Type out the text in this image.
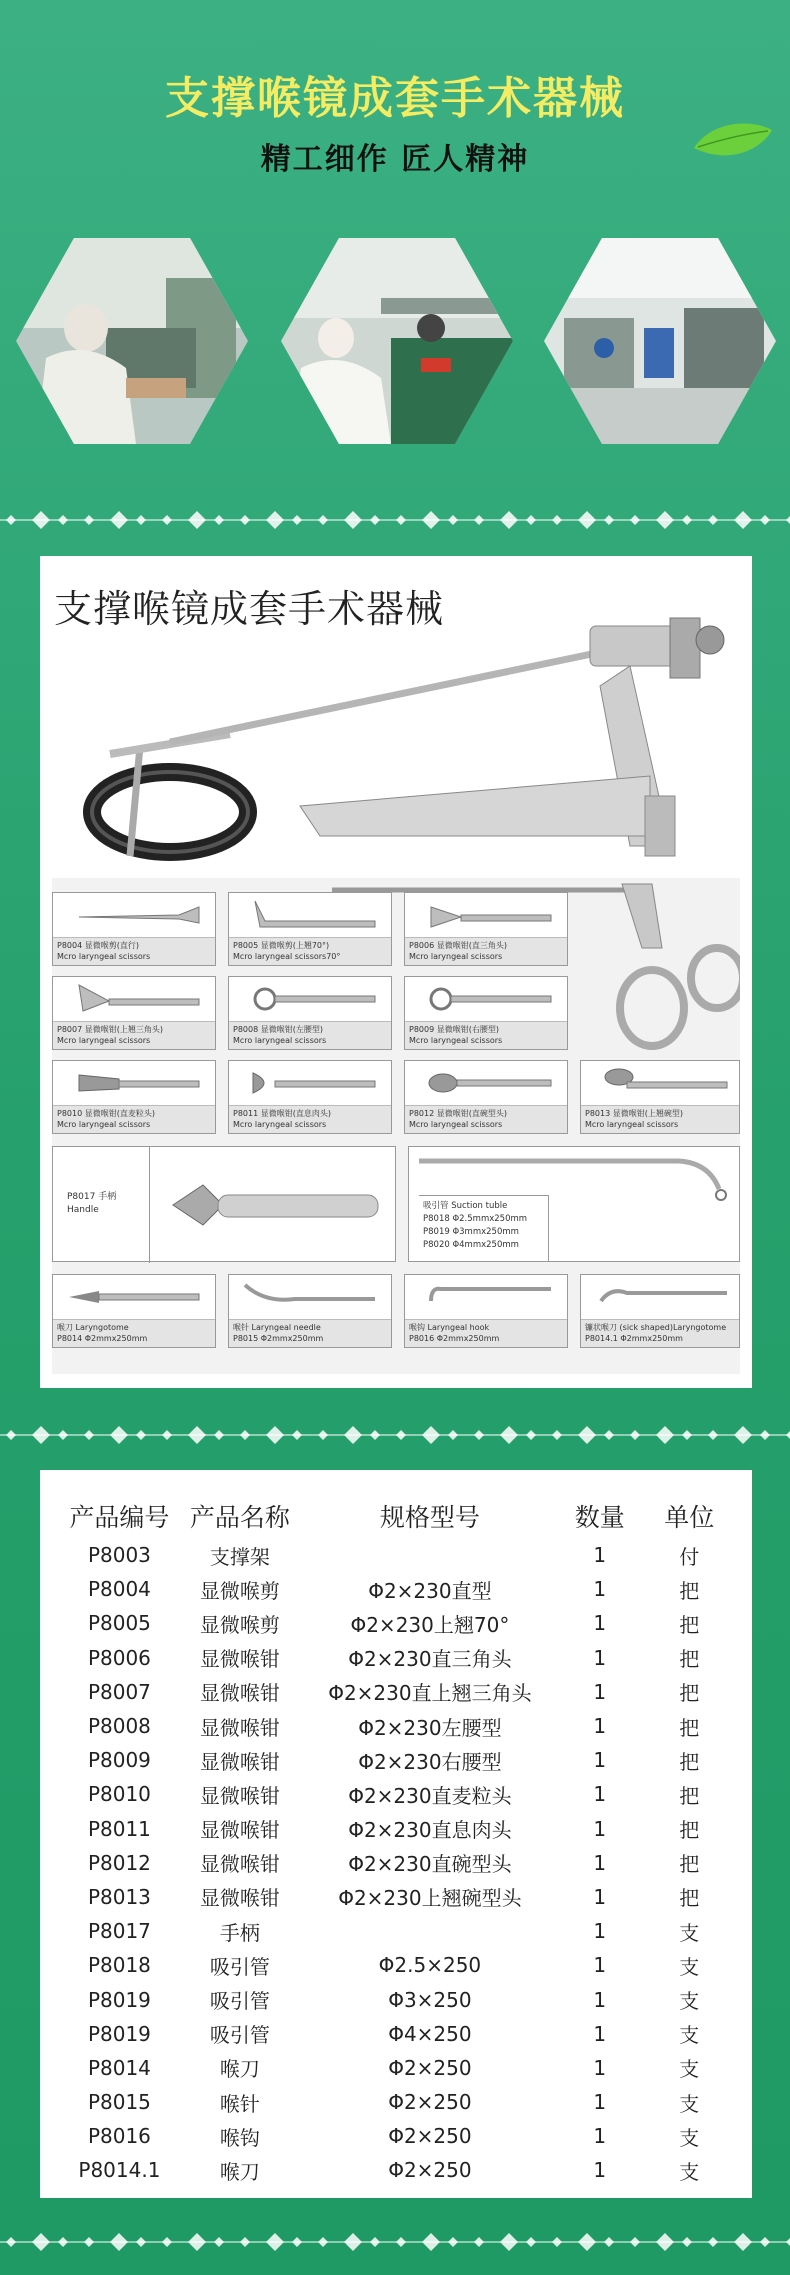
支撑喉镜成套手术器械
精工细作 匠人精神
支撑喉镜成套手术器械
P8004 显微喉剪(直行)
Mcro laryngeal scissors
P8005 显微喉剪(上翘70°)
Mcro laryngeal scissors70°
P8006 显微喉钳(直三角头)
Mcro laryngeal scissors
P8007 显微喉钳(上翘三角头)
Mcro laryngeal scissors
P8008 显微喉钳(左腰型)
Mcro laryngeal scissors
P8009 显微喉钳(右腰型)
Mcro laryngeal scissors
P8010 显微喉钳(直麦粒头)
Mcro laryngeal scissors
P8011 显微喉钳(直息肉头)
Mcro laryngeal scissors
P8012 显微喉钳(直碗型头)
Mcro laryngeal scissors
P8013 显微喉钳(上翘碗型)
Mcro laryngeal scissors
P8017 手柄
Handle	吸引管 Suction tuble
P8018 Φ2.5mmx250mm
P8019 Φ3mmx250mm
P8020 Φ4mmx250mm
喉刀 Laryngotome
P8014 Φ2mmx250mm
喉针 Laryngeal needle
P8015 Φ2mmx250mm
喉钩 Laryngeal hook
P8016 Φ2mmx250mm
镰状喉刀 (sick shaped)Laryngotome
P8014.1 Φ2mmx250mm
产品编号	产品名称	规格型号	数量	单位
P8003	支撑架		1	付
P8004	显微喉剪	Φ2×230直型	1	把
P8005	显微喉剪	Φ2×230上翘70°	1	把
P8006	显微喉钳	Φ2×230直三角头	1	把
P8007	显微喉钳	Φ2×230直上翘三角头	1	把
P8008	显微喉钳	Φ2×230左腰型	1	把
P8009	显微喉钳	Φ2×230右腰型	1	把
P8010	显微喉钳	Φ2×230直麦粒头	1	把
P8011	显微喉钳	Φ2×230直息肉头	1	把
P8012	显微喉钳	Φ2×230直碗型头	1	把
P8013	显微喉钳	Φ2×230上翘碗型头	1	把
P8017	手柄		1	支
P8018	吸引管	Φ2.5×250	1	支
P8019	吸引管	Φ3×250	1	支
P8019	吸引管	Φ4×250	1	支
P8014	喉刀	Φ2×250	1	支
P8015	喉针	Φ2×250	1	支
P8016	喉钩	Φ2×250	1	支
P8014.1	喉刀	Φ2×250	1	支
